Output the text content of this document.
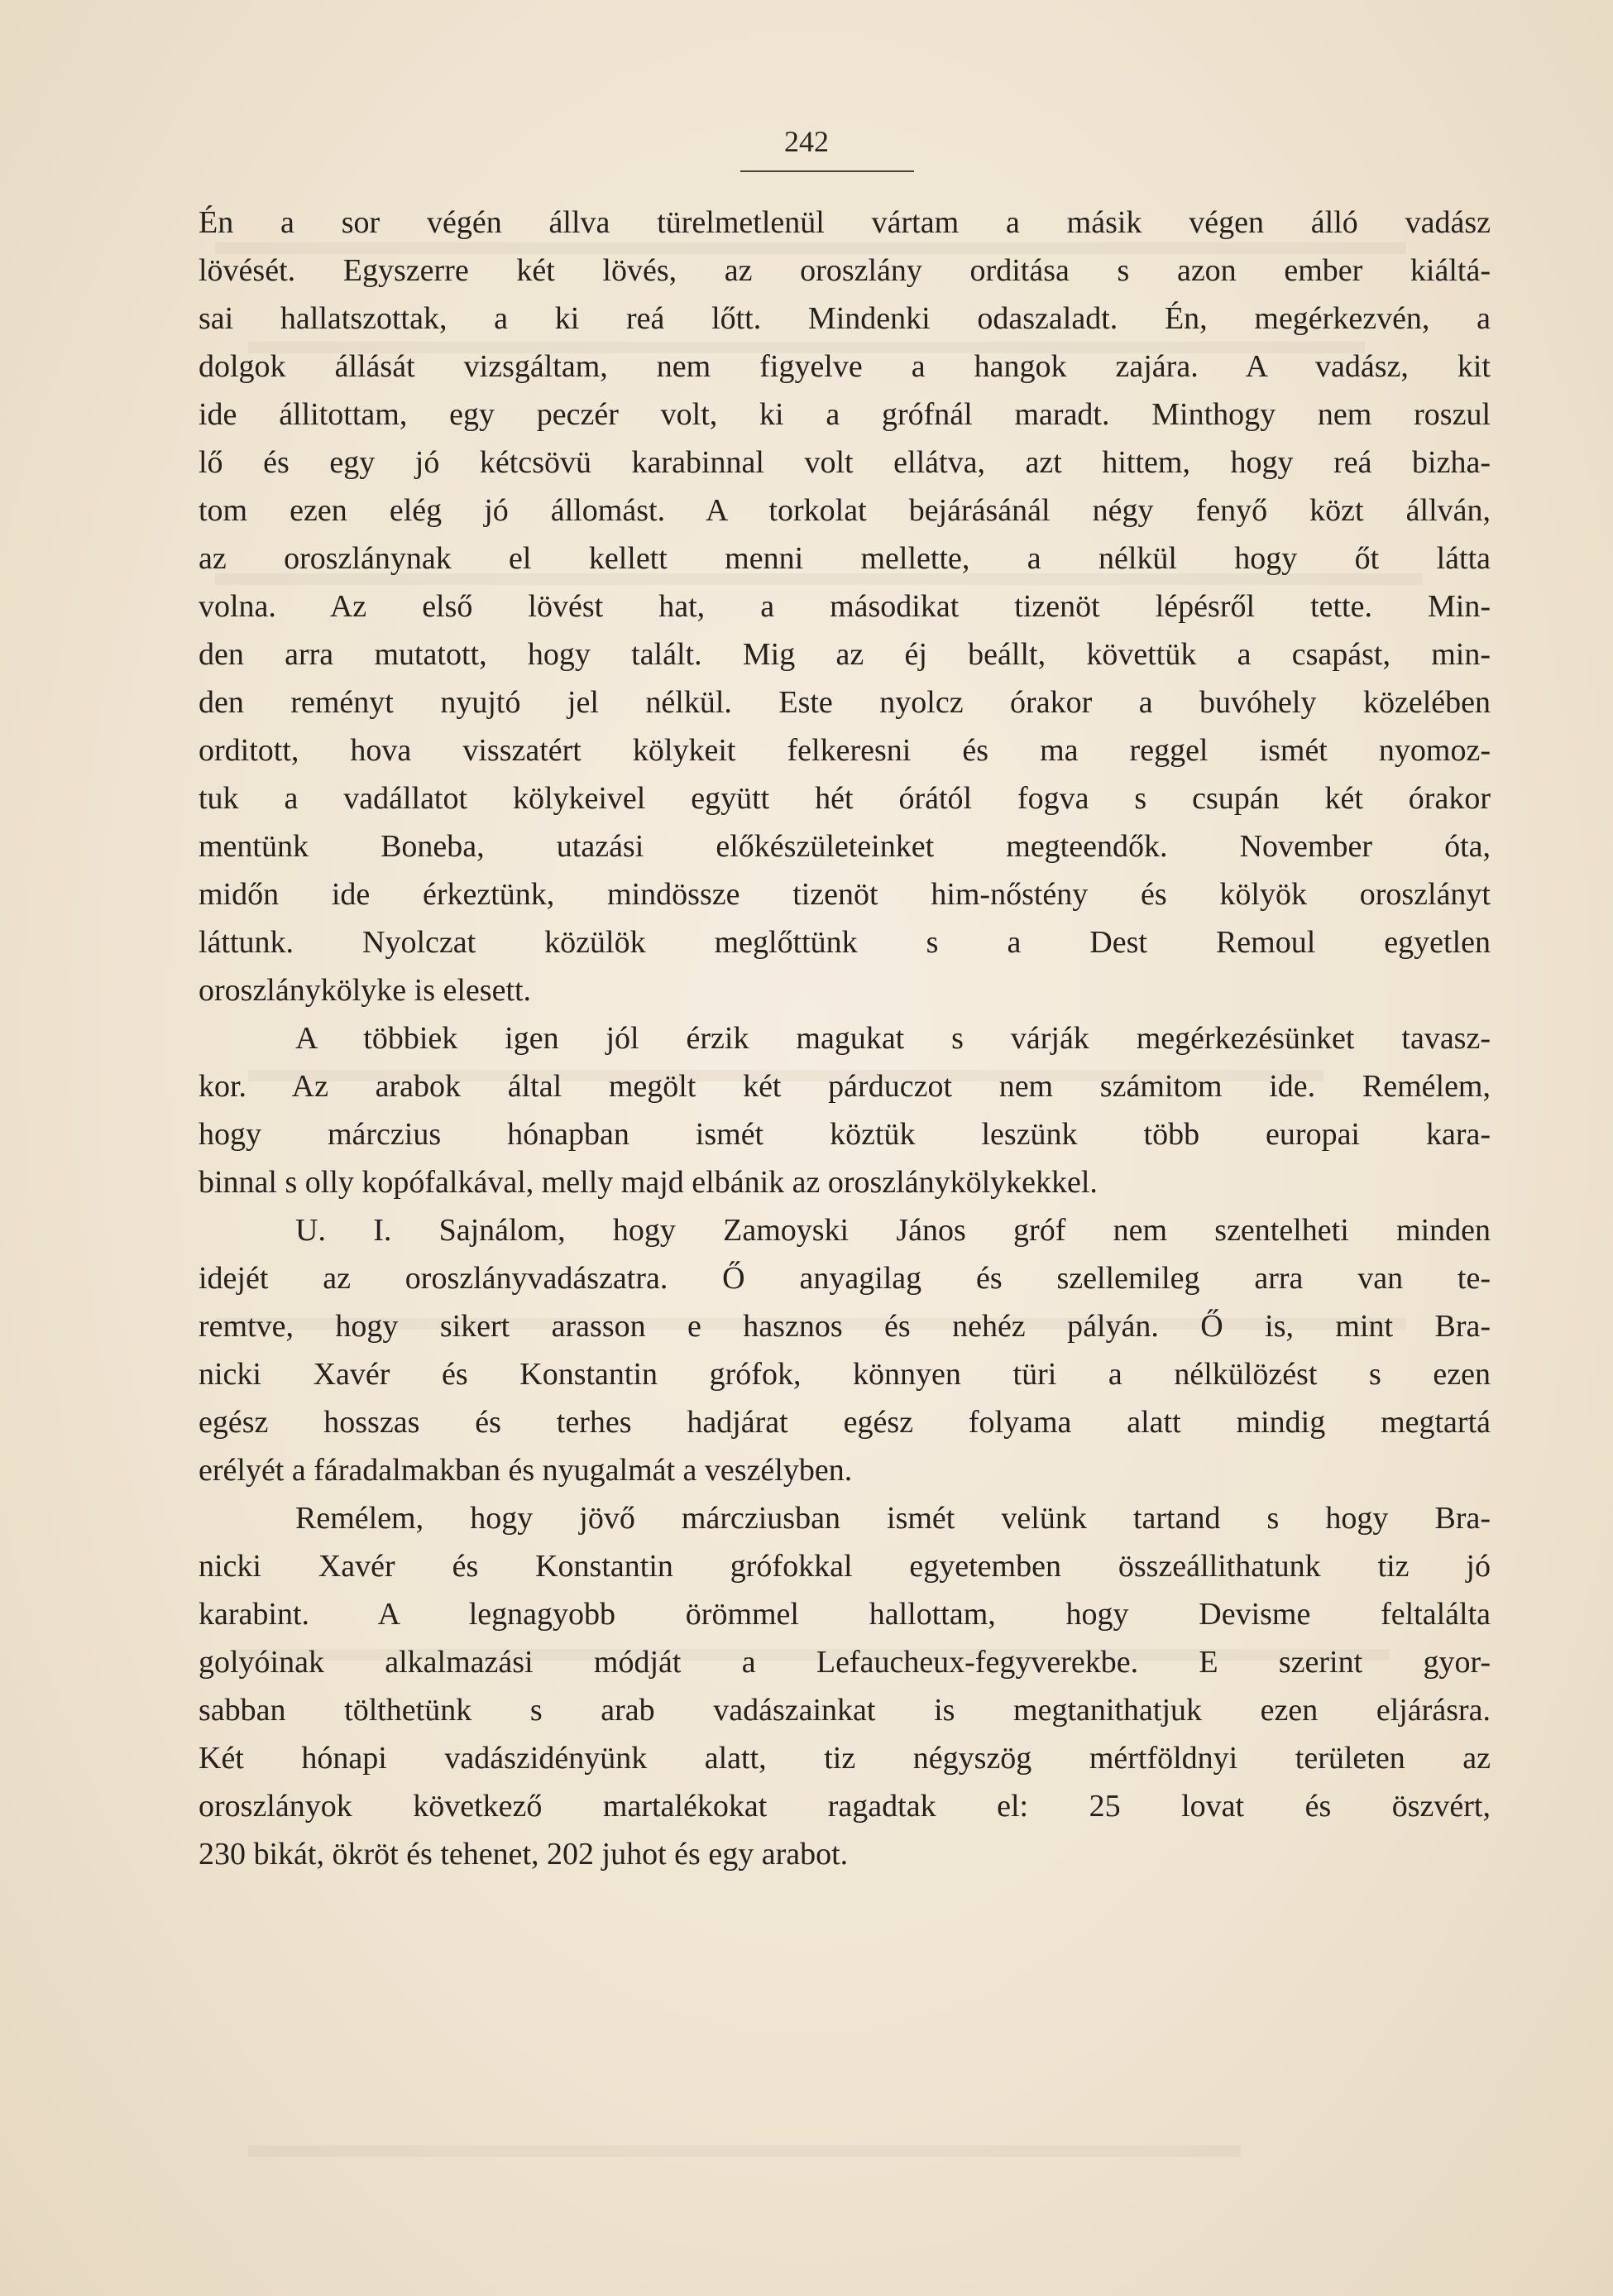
242
Én a sor végén állva türelmetlenül vártam a másik végen álló vadász
lövését. Egyszerre két lövés, az oroszlány orditása s azon ember kiáltá-
sai hallatszottak, a ki reá lőtt. Mindenki odaszaladt. Én, megérkezvén, a
dolgok állását vizsgáltam, nem figyelve a hangok zajára. A vadász, kit
ide állitottam, egy peczér volt, ki a grófnál maradt. Minthogy nem roszul
lő és egy jó kétcsövü karabinnal volt ellátva, azt hittem, hogy reá bizha-
tom ezen elég jó állomást. A torkolat bejárásánál négy fenyő közt állván,
az oroszlánynak el kellett menni mellette, a nélkül hogy őt látta
volna. Az első lövést hat, a másodikat tizenöt lépésről tette. Min-
den arra mutatott, hogy talált. Mig az éj beállt, követtük a csapást, min-
den reményt nyujtó jel nélkül. Este nyolcz órakor a buvóhely közelében
orditott, hova visszatért kölykeit felkeresni és ma reggel ismét nyomoz-
tuk a vadállatot kölykeivel együtt hét órától fogva s csupán két órakor
mentünk Boneba, utazási előkészületeinket megteendők. November óta,
midőn ide érkeztünk, mindössze tizenöt him-nőstény és kölyök oroszlányt
láttunk. Nyolczat közülök meglőttünk s a Dest Remoul egyetlen
oroszlánykölyke is elesett.
A többiek igen jól érzik magukat s várják megérkezésünket tavasz-
kor. Az arabok által megölt két párduczot nem számitom ide. Remélem,
hogy márczius hónapban ismét köztük leszünk több europai kara-
binnal s olly kopófalkával, melly majd elbánik az oroszlánykölykekkel.
U. I. Sajnálom, hogy Zamoyski János gróf nem szentelheti minden
idejét az oroszlányvadászatra. Ő anyagilag és szellemileg arra van te-
remtve, hogy sikert arasson e hasznos és nehéz pályán. Ő is, mint Bra-
nicki Xavér és Konstantin grófok, könnyen türi a nélkülözést s ezen
egész hosszas és terhes hadjárat egész folyama alatt mindig megtartá
erélyét a fáradalmakban és nyugalmát a veszélyben.
Remélem, hogy jövő márcziusban ismét velünk tartand s hogy Bra-
nicki Xavér és Konstantin grófokkal egyetemben összeállithatunk tiz jó
karabint. A legnagyobb örömmel hallottam, hogy Devisme feltalálta
golyóinak alkalmazási módját a Lefaucheux-fegyverekbe. E szerint gyor-
sabban tölthetünk s arab vadászainkat is megtanithatjuk ezen eljárásra.
Két hónapi vadászidényünk alatt, tiz négyszög mértföldnyi területen az
oroszlányok következő martalékokat ragadtak el: 25 lovat és öszvért,
230 bikát, ökröt és tehenet, 202 juhot és egy arabot.
